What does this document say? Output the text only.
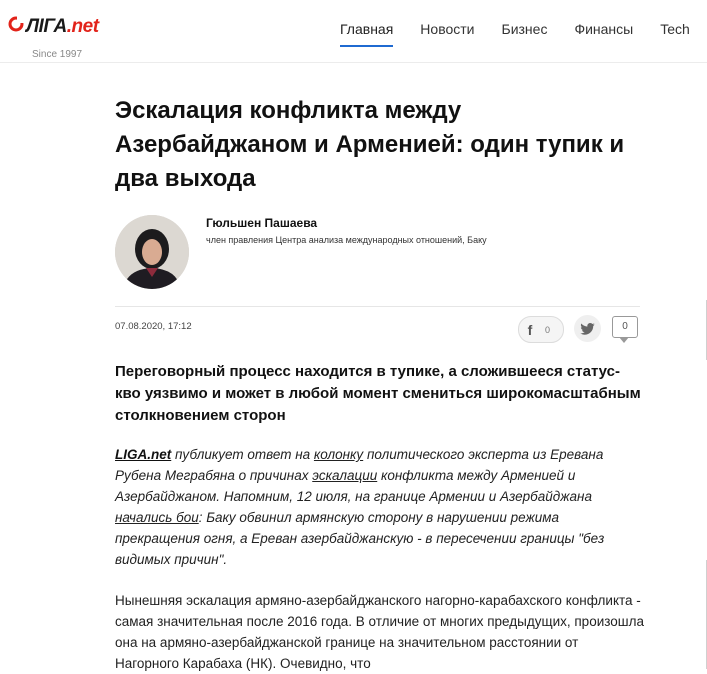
ЛІГА.net
Since 1997
Главная Новости Бизнес Финансы Tech
Эскалация конфликта между Азербайджаном и Арменией: один тупик и два выхода
Гюльшен Пашаева
член правления Центра анализа международных отношений, Баку
07.08.2020, 17:12	f	0	0

Переговорный процесс находится в тупике, а сложившееся статус-кво уязвимо и может в любой момент смениться широкомасштабным столкновением сторон

LIGA.net публикует ответ на колонку политического эксперта из Еревана Рубена Меграбяна о причинах эскалации конфликта между Арменией и Азербайджаном. Напомним, 12 июля, на границе Армении и Азербайджана начались бои: Баку обвинил армянскую сторону в нарушении режима прекращения огня, а Ереван азербайджанскую - в пересечении границы "без видимых причин".

Нынешняя эскалация армяно-азербайджанского нагорно-карабахского конфликта - самая значительная после 2016 года. В отличие от многих предыдущих, произошла она на армяно-азербайджанской границе на значительном расстоянии от Нагорного Карабаха (НК). Очевидно, что
